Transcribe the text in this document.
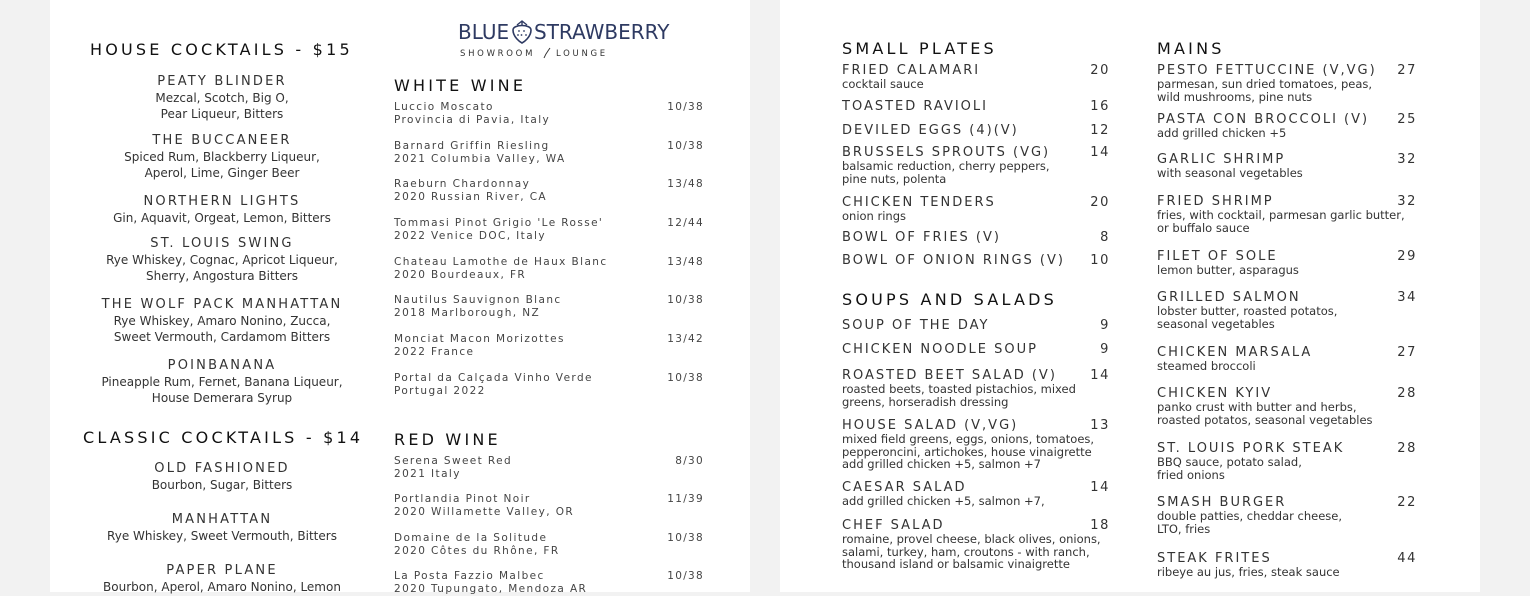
HOUSE COCKTAILS - $15
PEATY BLINDER
Mezcal, Scotch, Big O,
Pear Liqueur, Bitters
THE BUCCANEER
Spiced Rum, Blackberry Liqueur,
Aperol, Lime, Ginger Beer
NORTHERN LIGHTS
Gin, Aquavit, Orgeat, Lemon, Bitters
ST. LOUIS SWING
Rye Whiskey, Cognac, Apricot Liqueur,
Sherry, Angostura Bitters
THE WOLF PACK MANHATTAN
Rye Whiskey, Amaro Nonino, Zucca,
Sweet Vermouth, Cardamom Bitters
POINBANANA
Pineapple Rum, Fernet, Banana Liqueur,
House Demerara Syrup
CLASSIC COCKTAILS - $14
OLD FASHIONED
Bourbon, Sugar, Bitters
MANHATTAN
Rye Whiskey, Sweet Vermouth, Bitters
PAPER PLANE
Bourbon, Aperol, Amaro Nonino, Lemon
BLUE STRAWBERRY
SHOWROOM LOUNGE
WHITE WINE
Luccio Moscato
Provincia di Pavia, Italy
10/38
Barnard Griffin Riesling
2021 Columbia Valley, WA
10/38
Raeburn Chardonnay
2020 Russian River, CA
13/48
Tommasi Pinot Grigio 'Le Rosse'
2022 Venice DOC, Italy
12/44
Chateau Lamothe de Haux Blanc
2020 Bourdeaux, FR
13/48
Nautilus Sauvignon Blanc
2018 Marlborough, NZ
10/38
Monciat Macon Morizottes
2022 France
13/42
Portal da Calçada Vinho Verde
Portugal 2022
10/38
RED WINE
Serena Sweet Red
2021 Italy
8/30
Portlandia Pinot Noir
2020 Willamette Valley, OR
11/39
Domaine de la Solitude
2020 Côtes du Rhône, FR
10/38
La Posta Fazzio Malbec
2020 Tupungato, Mendoza AR
10/38
SMALL PLATES
FRIED CALAMARI	20
cocktail sauce
TOASTED RAVIOLI	16
DEVILED EGGS (4)(V)	12
BRUSSELS SPROUTS (VG)	14
balsamic reduction, cherry peppers,
pine nuts, polenta
CHICKEN TENDERS	20
onion rings
BOWL OF FRIES (V)	8
BOWL OF ONION RINGS (V)	10
SOUPS AND SALADS
SOUP OF THE DAY	9
CHICKEN NOODLE SOUP	9
ROASTED BEET SALAD (V)	14
roasted beets, toasted pistachios, mixed
greens, horseradish dressing
HOUSE SALAD (V,VG)	13
mixed field greens, eggs, onions, tomatoes,
pepperoncini, artichokes, house vinaigrette
add grilled chicken +5, salmon +7
CAESAR SALAD	14
add grilled chicken +5, salmon +7,
CHEF SALAD	18
romaine, provel cheese, black olives, onions,
salami, turkey, ham, croutons - with ranch,
thousand island or balsamic vinaigrette
MAINS
PESTO FETTUCCINE (V,VG)	27
parmesan, sun dried tomatoes, peas,
wild mushrooms, pine nuts
PASTA CON BROCCOLI (V)	25
add grilled chicken +5
GARLIC SHRIMP	32
with seasonal vegetables
FRIED SHRIMP	32
fries, with cocktail, parmesan garlic butter,
or buffalo sauce
FILET OF SOLE	29
lemon butter, asparagus
GRILLED SALMON	34
lobster butter, roasted potatos,
seasonal vegetables
CHICKEN MARSALA	27
steamed broccoli
CHICKEN KYIV	28
panko crust with butter and herbs,
roasted potatos, seasonal vegetables
ST. LOUIS PORK STEAK	28
BBQ sauce, potato salad,
fried onions
SMASH BURGER	22
double patties, cheddar cheese,
LTO, fries
STEAK FRITES	44
ribeye au jus, fries, steak sauce
